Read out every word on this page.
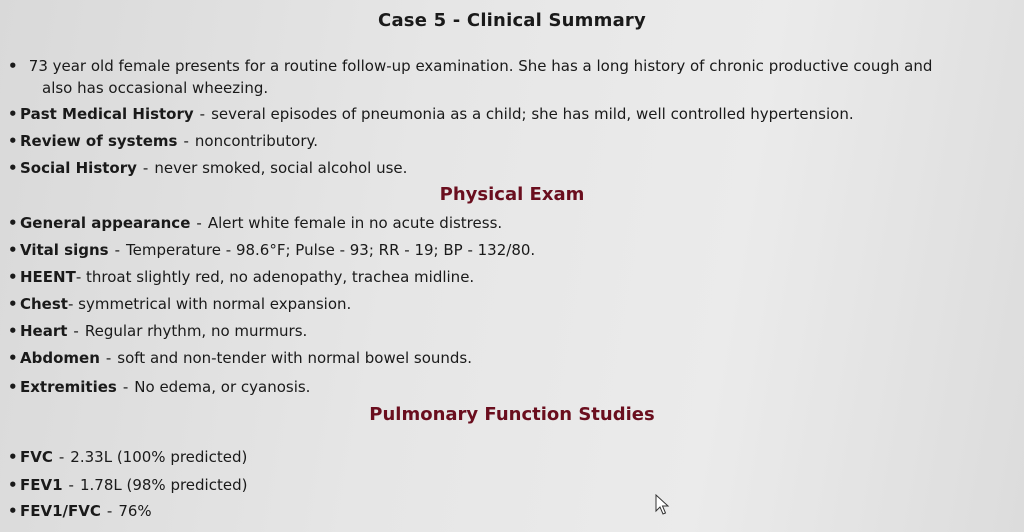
Case 5 - Clinical Summary
• 73 year old female presents for a routine follow-up examination. She has a long history of chronic productive cough and
also has occasional wheezing.
• Past Medical History - several episodes of pneumonia as a child; she has mild, well controlled hypertension.
• Review of systems - noncontributory.
• Social History - never smoked, social alcohol use.
Physical Exam
• General appearance - Alert white female in no acute distress.
• Vital signs - Temperature - 98.6°F; Pulse - 93; RR - 19; BP - 132/80.
• HEENT- throat slightly red, no adenopathy, trachea midline.
• Chest- symmetrical with normal expansion.
• Heart - Regular rhythm, no murmurs.
• Abdomen - soft and non-tender with normal bowel sounds.
• Extremities - No edema, or cyanosis.
Pulmonary Function Studies
• FVC - 2.33L (100% predicted)
• FEV1 - 1.78L (98% predicted)
• FEV1/FVC - 76%
